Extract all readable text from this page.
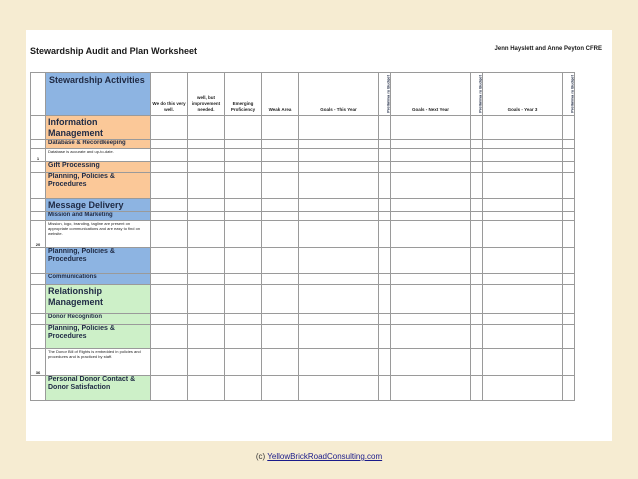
Stewardship Audit and Plan Worksheet	Jenn Hayslett and Anne Peyton CFRE
	Stewardship Activities	We do this very well.	well, but improvement needed.	Emerging Proficiency	Weak Area	Goals - This Year	Prelimina ry Budget	Goals - Next Year	Prelimina ry Budget	Goals - Year 3	Prelimina ry Budget
	Information Management										
	Database & Recordkeeping										
1	Database is accurate and up-to-date.										
	Gift Processing										
	Planning, Policies & Procedures										
	Message Delivery										
	Mission and Marketing										
20	Mission, logo, branding, tagline are present on appropriate communications and are easy to find on website.										
	Planning, Policies & Procedures										
	Communications										
	Relationship Management										
	Donor Recognition										
	Planning, Policies & Procedures										
36	The Donor Bill of Rights is embedded in policies and procedures and is practiced by staff.										
	Personal Donor Contact & Donor Satisfaction										
(c) YellowBrickRoadConsulting.com
